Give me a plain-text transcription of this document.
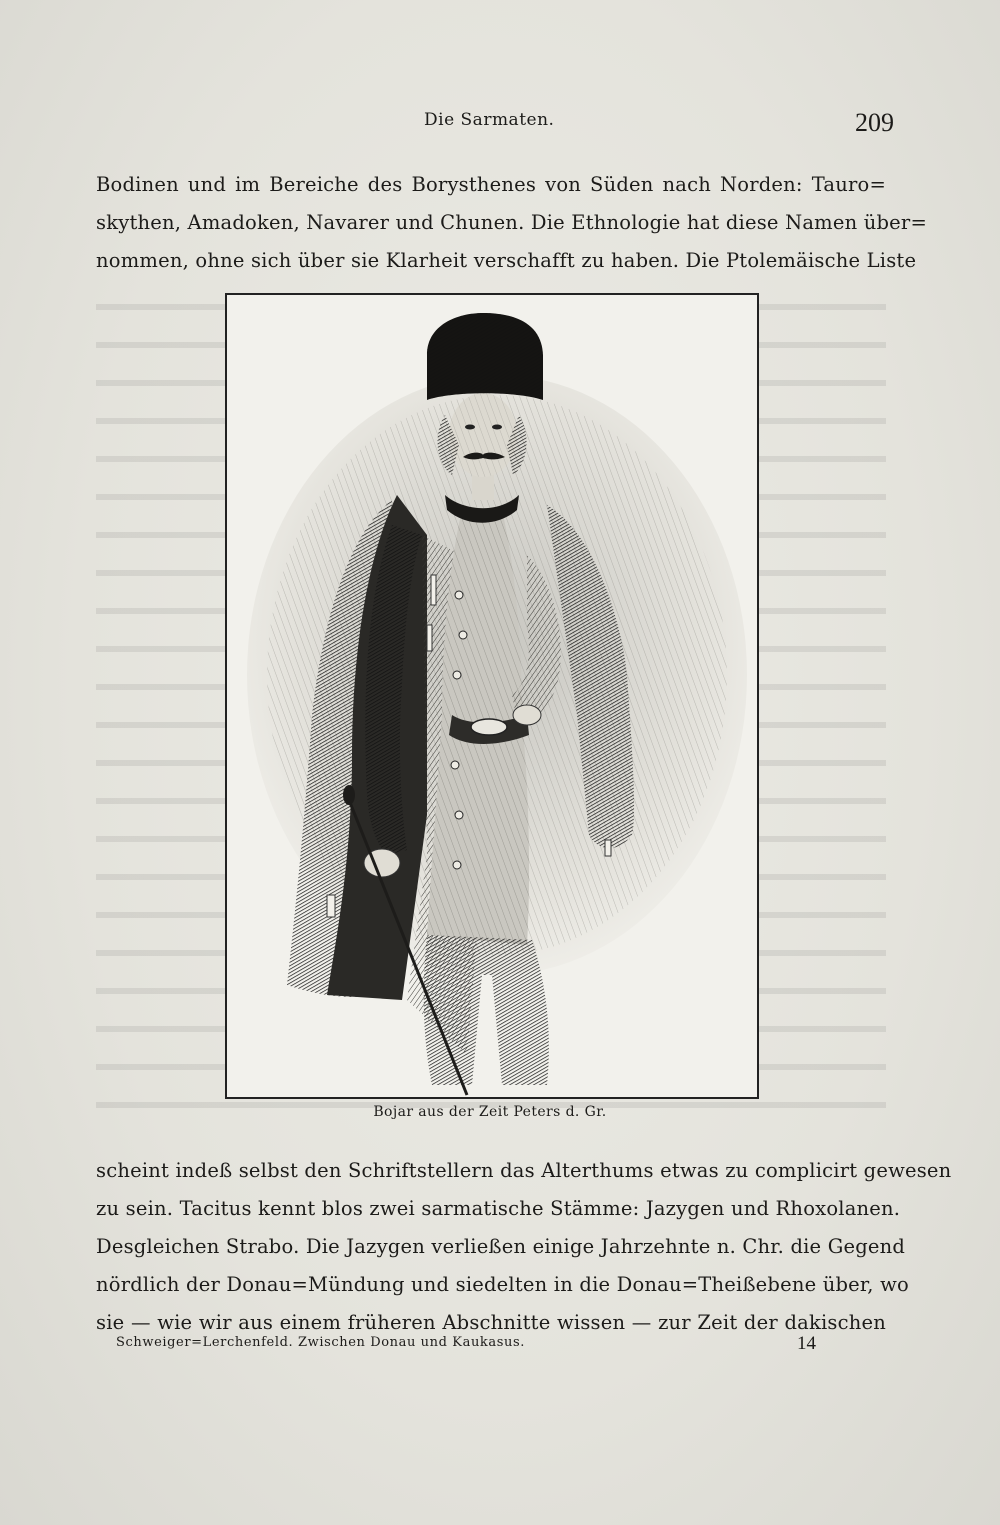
Die Sarmaten.	209
Bodinen und im Bereiche des Borysthenes von Süden nach Norden: Tauro=
skythen, Amadoken, Navarer und Chunen. Die Ethnologie hat diese Namen über=
nommen, ohne sich über sie Klarheit verschafft zu haben. Die Ptolemäische Liste
Bojar aus der Zeit Peters d. Gr.
scheint indeß selbst den Schriftstellern das Alterthums etwas zu complicirt gewesen
zu sein. Tacitus kennt blos zwei sarmatische Stämme: Jazygen und Rhoxolanen.
Desgleichen Strabo. Die Jazygen verließen einige Jahrzehnte n. Chr. die Gegend
nördlich der Donau=Mündung und siedelten in die Donau=Theißebene über, wo
sie — wie wir aus einem früheren Abschnitte wissen — zur Zeit der dakischen
Schweiger=Lerchenfeld. Zwischen Donau und Kaukasus.	14
